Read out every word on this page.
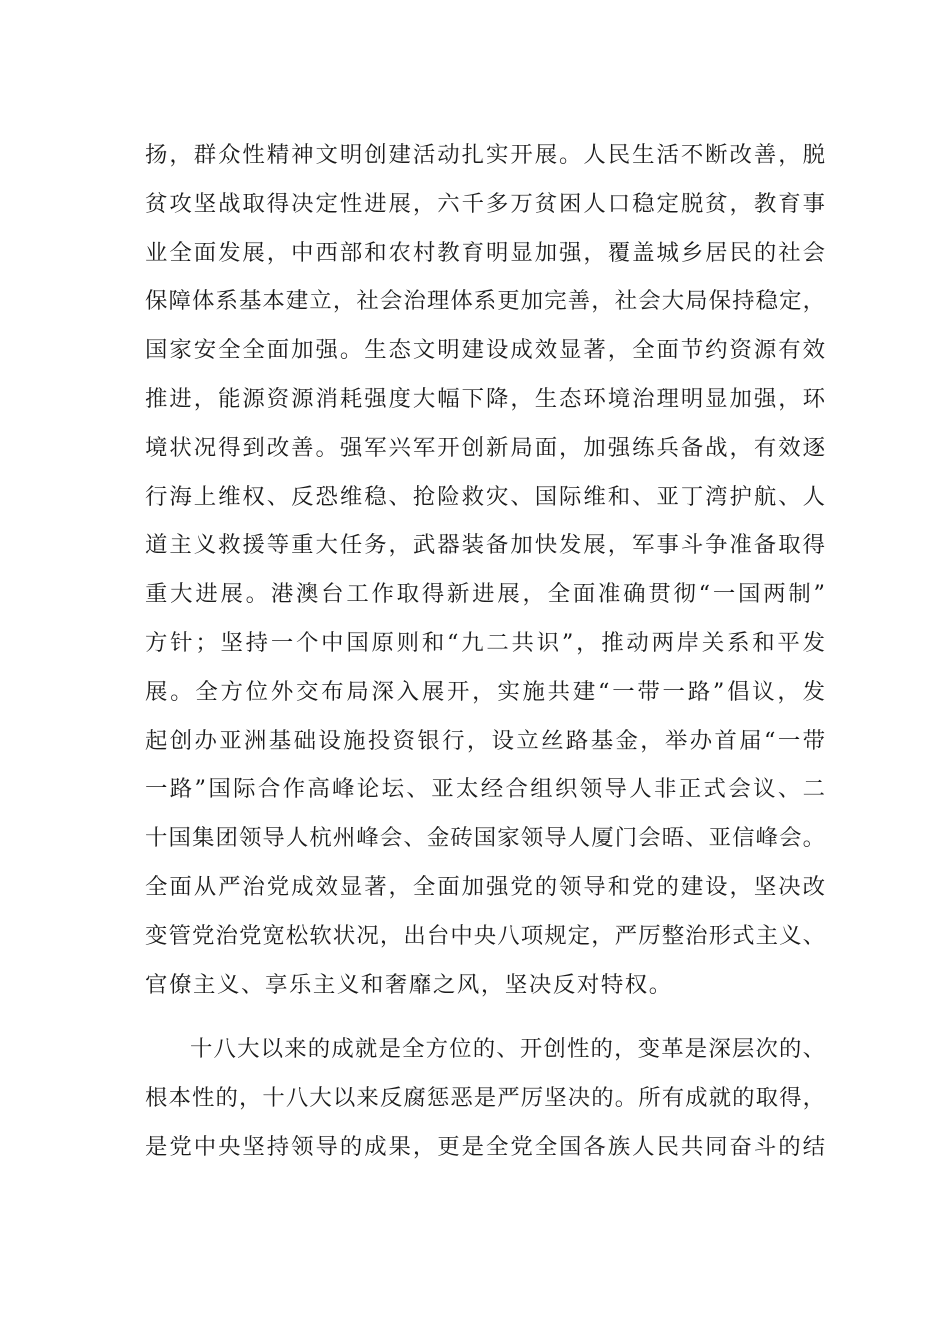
扬，群众性精神文明创建活动扎实开展。人民生活不断改善，脱
贫攻坚战取得决定性进展，六千多万贫困人口稳定脱贫，教育事
业全面发展，中西部和农村教育明显加强，覆盖城乡居民的社会
保障体系基本建立，社会治理体系更加完善，社会大局保持稳定，
国家安全全面加强。生态文明建设成效显著，全面节约资源有效
推进，能源资源消耗强度大幅下降，生态环境治理明显加强，环
境状况得到改善。强军兴军开创新局面，加强练兵备战，有效逐
行海上维权、反恐维稳、抢险救灾、国际维和、亚丁湾护航、人
道主义救援等重大任务，武器装备加快发展，军事斗争准备取得
重大进展。港澳台工作取得新进展，全面准确贯彻“一国两制”
方针；坚持一个中国原则和“九二共识”，推动两岸关系和平发
展。全方位外交布局深入展开，实施共建“一带一路”倡议，发
起创办亚洲基础设施投资银行，设立丝路基金，举办首届“一带
一路”国际合作高峰论坛、亚太经合组织领导人非正式会议、二
十国集团领导人杭州峰会、金砖国家领导人厦门会晤、亚信峰会。
全面从严治党成效显著，全面加强党的领导和党的建设，坚决改
变管党治党宽松软状况，出台中央八项规定，严厉整治形式主义、
官僚主义、享乐主义和奢靡之风，坚决反对特权。
十八大以来的成就是全方位的、开创性的，变革是深层次的、
根本性的，十八大以来反腐惩恶是严厉坚决的。所有成就的取得，
是党中央坚持领导的成果，更是全党全国各族人民共同奋斗的结
